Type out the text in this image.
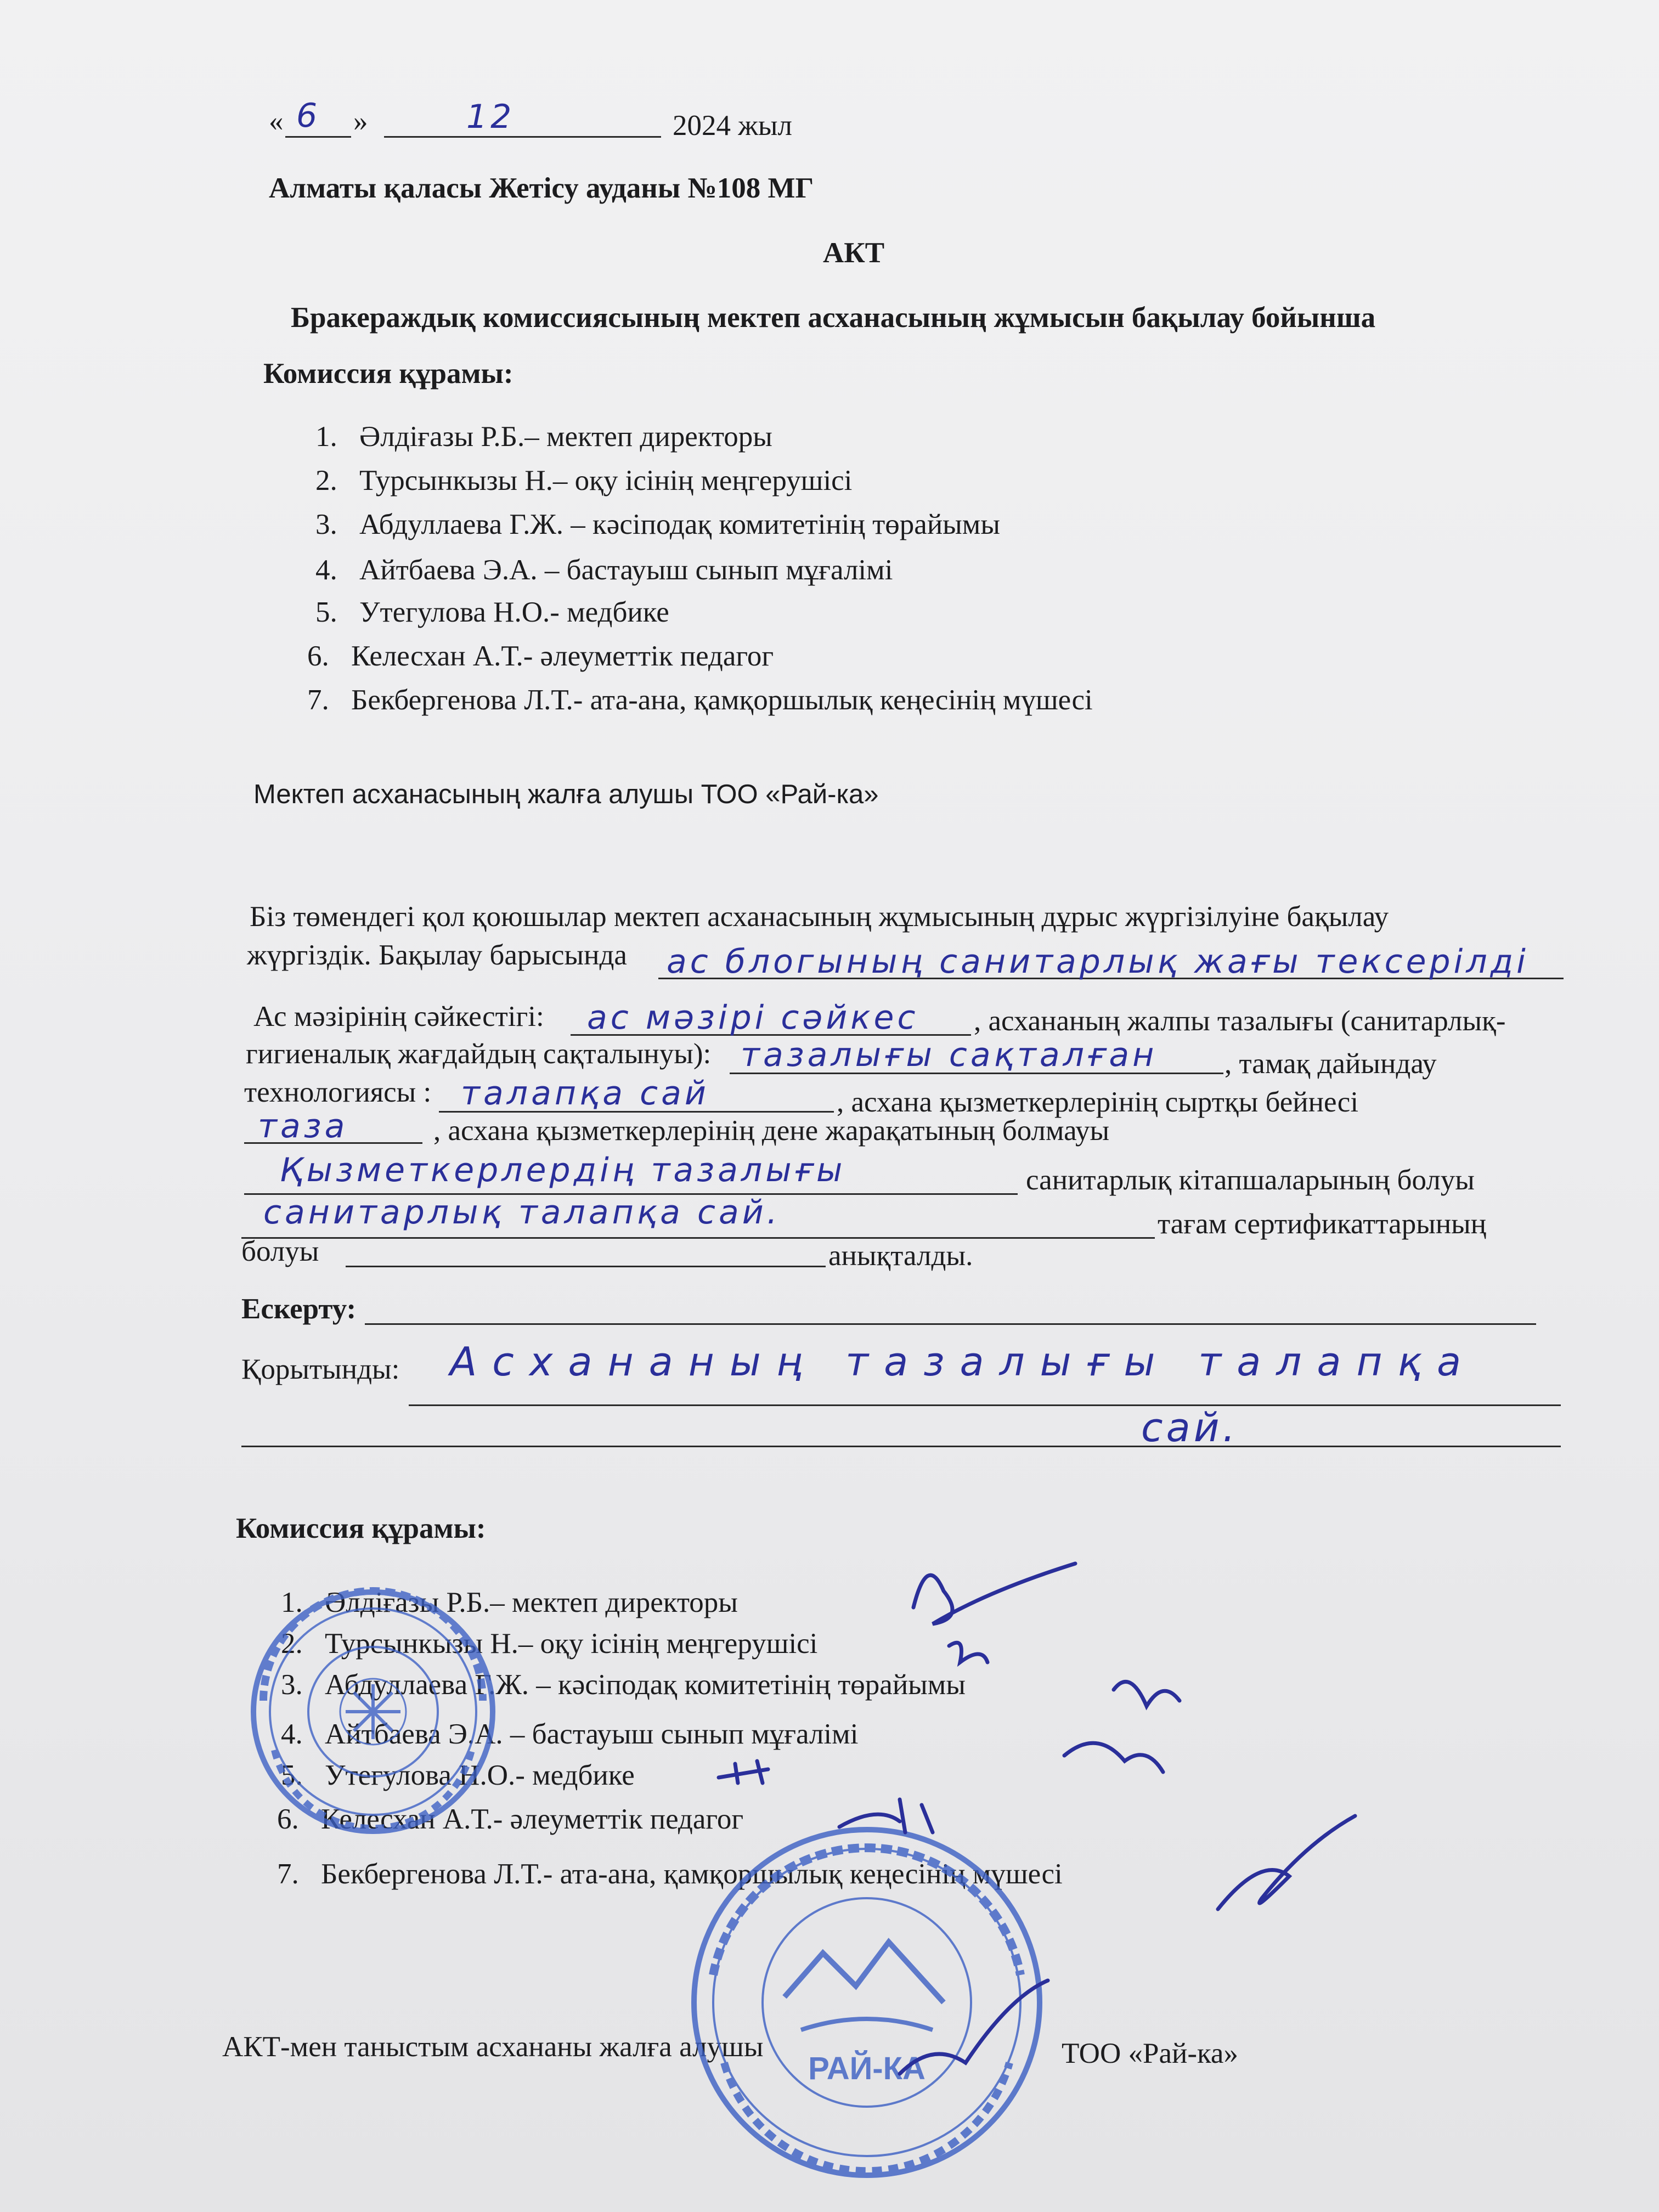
« 6 »	12	2024 жыл
Алматы қаласы Жетісу ауданы №108 МГ
АКТ
Бракераждық комиссиясының мектеп асханасының жұмысын бақылау бойынша
Комиссия құрамы:
1. Әлдіғазы Р.Б.– мектеп директоры
2. Турсынкызы Н.– оқу ісінің меңгерушісі
3. Абдуллаева Г.Ж. – кәсіподақ комитетінің төрайымы
4. Айтбаева Э.А. – бастауыш сынып мұғалімі
5. Утегулова Н.О.- медбике
6. Келесхан А.Т.- әлеуметтік педагог
7. Бекбергенова Л.Т.- ата-ана, қамқоршылық кеңесінің мүшесі
Мектеп асханасының жалға алушы ТОО «Рай-ка»
Біз төмендегі қол қоюшылар мектеп асханасының жұмысының дұрыс жүргізілуіне бақылау
жүргіздік. Бақылау барысында ас блогының санитарлық жағы тексерілді
Ас мәзірінің сәйкестігі: ас мәзірі сәйкес , асхананың жалпы тазалығы (санитарлық-
гигиеналық жағдайдың сақталынуы): тазалығы сақталған , тамақ дайындау
технологиясы : талапқа сай	, асхана қызметкерлерінің сыртқы бейнесі
таза	, асхана қызметкерлерінің дене жарақатының болмауы
Қызметкерлердің тазалығы	санитарлық кітапшаларының болуы
санитарлық талапқа сай.	тағам сертификаттарының
болуы	анықталды.
Ескерту:
Қорытынды: Асхананың тазалығы талапқа
сай.
Комиссия құрамы:
1. Әлдіғазы Р.Б.– мектеп директоры
2. Турсынкызы Н.– оқу ісінің меңгерушісі
3. Абдуллаева Г.Ж. – кәсіподақ комитетінің төрайымы
4. Айтбаева Э.А. – бастауыш сынып мұғалімі
5. Утегулова Н.О.- медбике
6. Келесхан А.Т.- әлеуметтік педагог
7. Бекбергенова Л.Т.- ата-ана, қамқоршылық кеңесінің мүшесі
АКТ-мен таныстым асхананы жалға алушы	ТОО «Рай-ка»
РАЙ-КА
